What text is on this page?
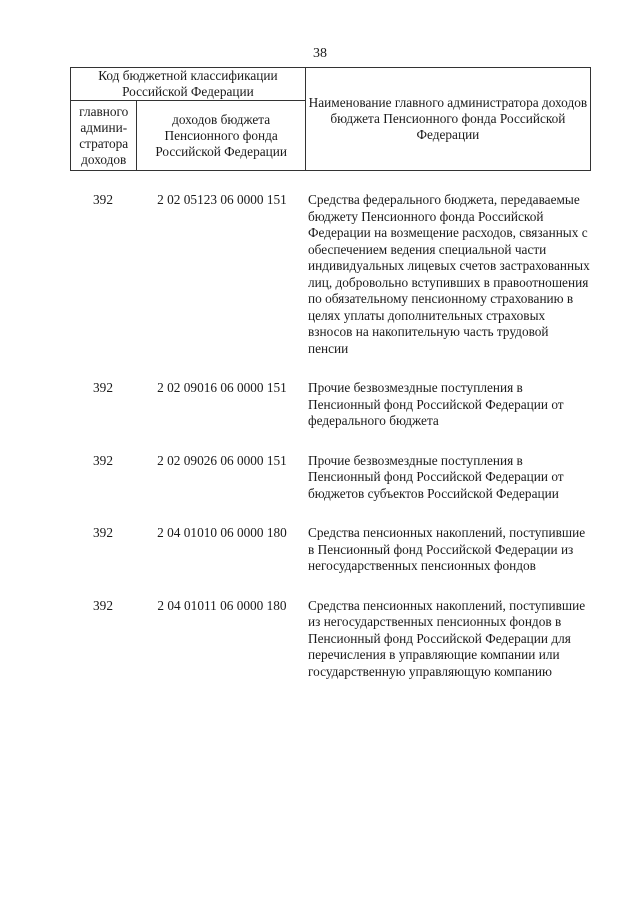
38
Код бюджетной классификации Российской Федерации		Наименование главного администратора доходов бюджета Пенсионного фонда Российской Федерации
главного админи-стратора доходов	доходов бюджета Пенсионного фонда Российской Федерации	
392	2 02 05123 06 0000 151	Средства федерального бюджета, передаваемые бюджету Пенсионного фонда Российской Федерации на возмещение расходов, связанных с обеспечением ведения специальной части индивидуальных лицевых счетов застрахованных лиц, добровольно вступивших в правоотношения по обязательному пенсионному страхованию в целях уплаты дополнительных страховых взносов на накопительную часть трудовой пенсии
392	2 02 09016 06 0000 151	Прочие безвозмездные поступления в Пенсионный фонд Российской Федерации от федерального бюджета
392	2 02 09026 06 0000 151	Прочие безвозмездные поступления в Пенсионный фонд Российской Федерации от бюджетов субъектов Российской Федерации
392	2 04 01010 06 0000 180	Средства пенсионных накоплений, поступившие в Пенсионный фонд Российской Федерации из негосударственных пенсионных фондов
392	2 04 01011 06 0000 180	Средства пенсионных накоплений, поступившие из негосударственных пенсионных фондов в Пенсионный фонд Российской Федерации для перечисления в управляющие компании или государственную управляющую компанию
